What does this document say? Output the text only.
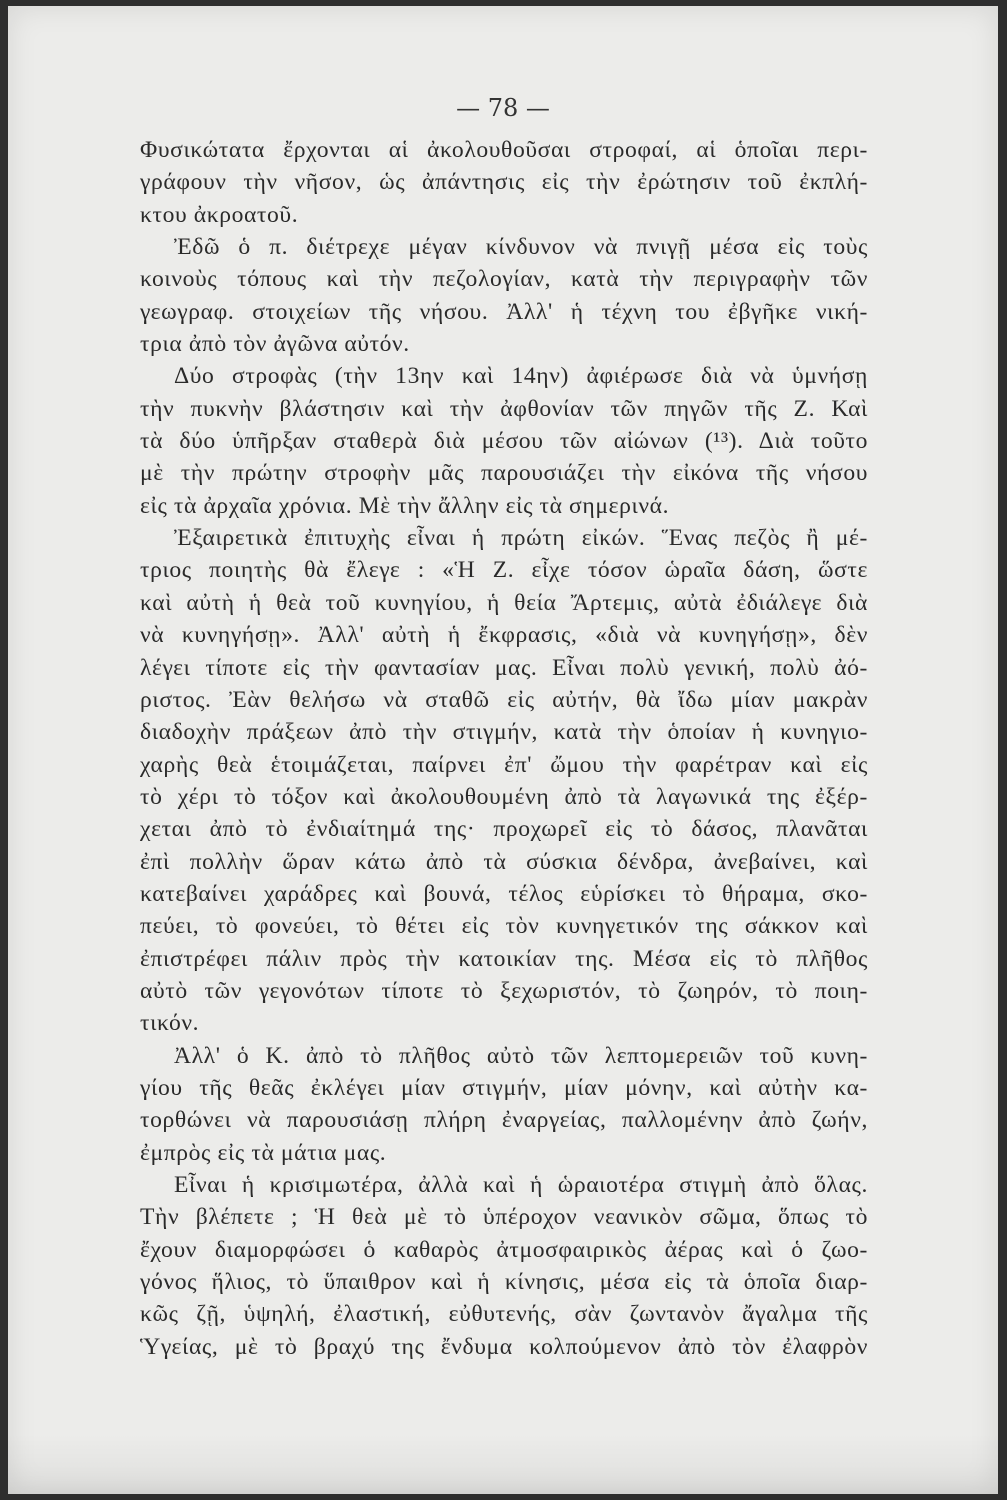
— 78 —
Φυσικώτατα ἔρχονται αἱ ἀκολουθοῦσαι στροφαί, αἱ ὁποῖαι περι-
γράφουν τὴν νῆσον, ὡς ἀπάντησις εἰς τὴν ἐρώτησιν τοῦ ἐκπλή-
κτου ἀκροατοῦ.
Ἐδῶ ὁ π. διέτρεχε μέγαν κίνδυνον νὰ πνιγῇ μέσα εἰς τοὺς
κοινοὺς τόπους καὶ τὴν πεζολογίαν, κατὰ τὴν περιγραφὴν τῶν
γεωγραφ. στοιχείων τῆς νήσου. Ἀλλ' ἡ τέχνη του ἐβγῆκε νική-
τρια ἀπὸ τὸν ἀγῶνα αὐτόν.
Δύο στροφὰς (τὴν 13ην καὶ 14ην) ἀφιέρωσε διὰ νὰ ὑμνήσῃ
τὴν πυκνὴν βλάστησιν καὶ τὴν ἀφθονίαν τῶν πηγῶν τῆς Ζ. Καὶ
τὰ δύο ὑπῆρξαν σταθερὰ διὰ μέσου τῶν αἰώνων (¹³). Διὰ τοῦτο
μὲ τὴν πρώτην στροφὴν μᾶς παρουσιάζει τὴν εἰκόνα τῆς νήσου
εἰς τὰ ἀρχαῖα χρόνια. Μὲ τὴν ἄλλην εἰς τὰ σημερινά.
Ἐξαιρετικὰ ἐπιτυχὴς εἶναι ἡ πρώτη εἰκών. Ἕνας πεζὸς ἢ μέ-
τριος ποιητὴς θὰ ἔλεγε : «Ἡ Ζ. εἶχε τόσον ὡραῖα δάση, ὥστε
καὶ αὐτὴ ἡ θεὰ τοῦ κυνηγίου, ἡ θεία Ἄρτεμις, αὐτὰ ἐδιάλεγε διὰ
νὰ κυνηγήσῃ». Ἀλλ' αὐτὴ ἡ ἔκφρασις, «διὰ νὰ κυνηγήσῃ», δὲν
λέγει τίποτε εἰς τὴν φαντασίαν μας. Εἶναι πολὺ γενική, πολὺ ἀό-
ριστος. Ἐὰν θελήσω νὰ σταθῶ εἰς αὐτήν, θὰ ἴδω μίαν μακρὰν
διαδοχὴν πράξεων ἀπὸ τὴν στιγμήν, κατὰ τὴν ὁποίαν ἡ κυνηγιο-
χαρὴς θεὰ ἑτοιμάζεται, παίρνει ἐπ' ὤμου τὴν φαρέτραν καὶ εἰς
τὸ χέρι τὸ τόξον καὶ ἀκολουθουμένη ἀπὸ τὰ λαγωνικά της ἐξέρ-
χεται ἀπὸ τὸ ἐνδιαίτημά της· προχωρεῖ εἰς τὸ δάσος, πλανᾶται
ἐπὶ πολλὴν ὥραν κάτω ἀπὸ τὰ σύσκια δένδρα, ἀνεβαίνει, καὶ
κατεβαίνει χαράδρες καὶ βουνά, τέλος εὑρίσκει τὸ θήραμα, σκο-
πεύει, τὸ φονεύει, τὸ θέτει εἰς τὸν κυνηγετικόν της σάκκον καὶ
ἐπιστρέφει πάλιν πρὸς τὴν κατοικίαν της. Μέσα εἰς τὸ πλῆθος
αὐτὸ τῶν γεγονότων τίποτε τὸ ξεχωριστόν, τὸ ζωηρόν, τὸ ποιη-
τικόν.
Ἀλλ' ὁ Κ. ἀπὸ τὸ πλῆθος αὐτὸ τῶν λεπτομερειῶν τοῦ κυνη-
γίου τῆς θεᾶς ἐκλέγει μίαν στιγμήν, μίαν μόνην, καὶ αὐτὴν κα-
τορθώνει νὰ παρουσιάσῃ πλήρη ἐναργείας, παλλομένην ἀπὸ ζωήν,
ἐμπρὸς εἰς τὰ μάτια μας.
Εἶναι ἡ κρισιμωτέρα, ἀλλὰ καὶ ἡ ὡραιοτέρα στιγμὴ ἀπὸ ὅλας.
Τὴν βλέπετε ; Ἡ θεὰ μὲ τὸ ὑπέροχον νεανικὸν σῶμα, ὅπως τὸ
ἔχουν διαμορφώσει ὁ καθαρὸς ἀτμοσφαιρικὸς ἀέρας καὶ ὁ ζωο-
γόνος ἥλιος, τὸ ὕπαιθρον καὶ ἡ κίνησις, μέσα εἰς τὰ ὁποῖα διαρ-
κῶς ζῇ, ὑψηλή, ἐλαστική, εὐθυτενής, σὰν ζωντανὸν ἄγαλμα τῆς
Ὑγείας, μὲ τὸ βραχύ της ἔνδυμα κολπούμενον ἀπὸ τὸν ἐλαφρὸν
